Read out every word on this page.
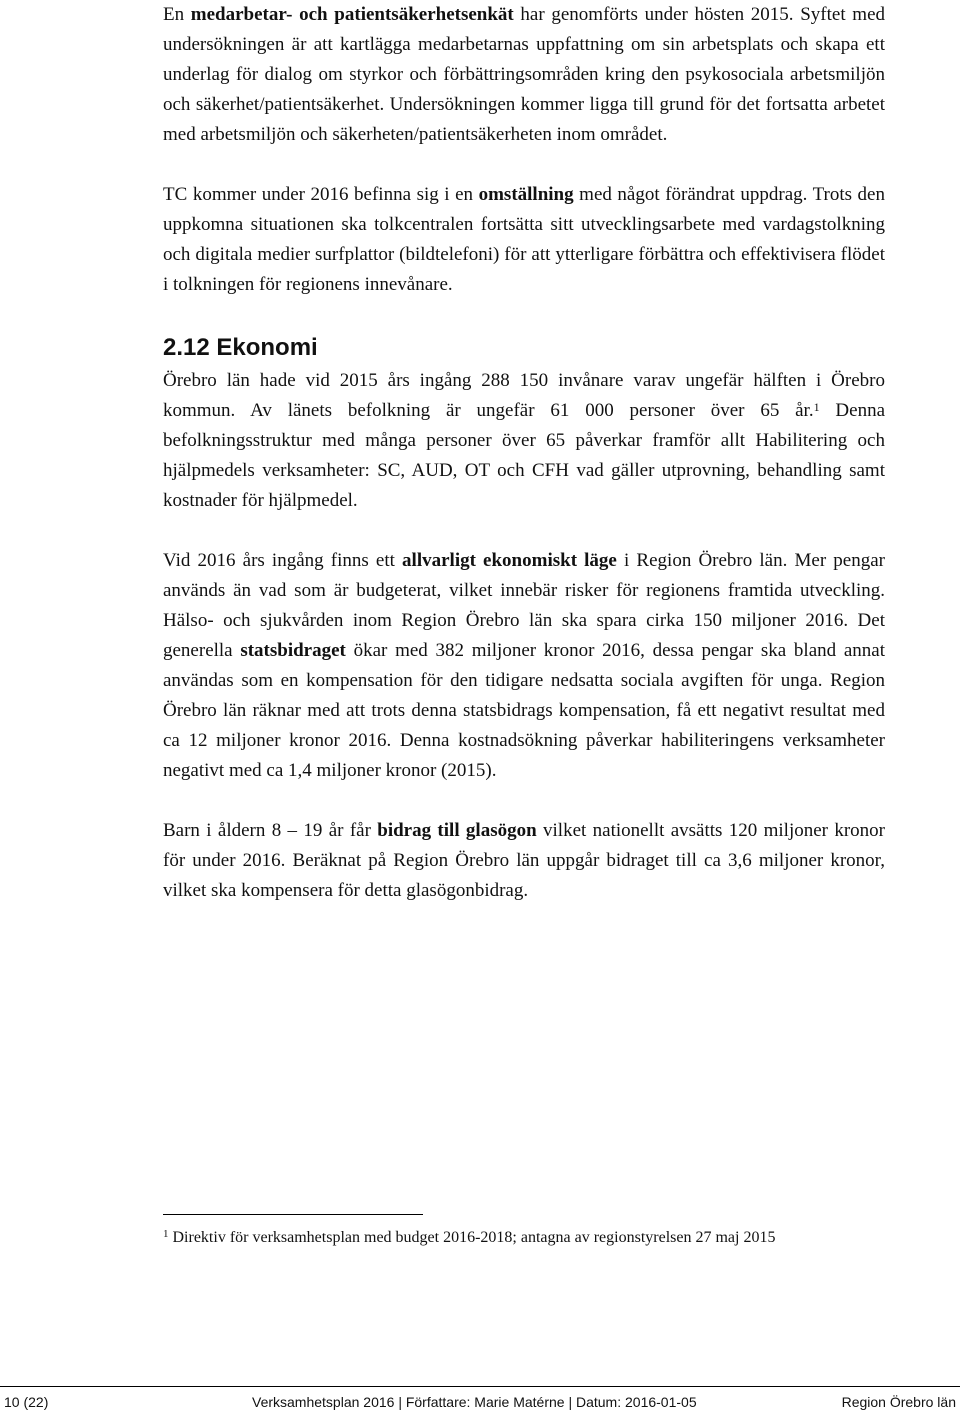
En medarbetar- och patientsäkerhetsenkät har genomförts under hösten 2015. Syftet med undersökningen är att kartlägga medarbetarnas uppfattning om sin arbetsplats och skapa ett underlag för dialog om styrkor och förbättringsområden kring den psykosociala arbetsmiljön och säkerhet/patientsäkerhet. Undersökningen kommer ligga till grund för det fortsatta arbetet med arbetsmiljön och säkerheten/patientsäkerheten inom området.

TC kommer under 2016 befinna sig i en omställning med något förändrat uppdrag. Trots den uppkomna situationen ska tolkcentralen fortsätta sitt utvecklingsarbete med vardagstolkning och digitala medier surfplattor (bildtelefoni) för att ytterligare förbättra och effektivisera flödet i tolkningen för regionens innevånare.

2.12 Ekonomi

Örebro län hade vid 2015 års ingång 288 150 invånare varav ungefär hälften i Örebro kommun. Av länets befolkning är ungefär 61 000 personer över 65 år.$^1$ Denna befolkningsstruktur med många personer över 65 påverkar framför allt Habilitering och hjälpmedels verksamheter: SC, AUD, OT och CFH vad gäller utprovning, behandling samt kostnader för hjälpmedel.

Vid 2016 års ingång finns ett allvarligt ekonomiskt läge i Region Örebro län. Mer pengar används än vad som är budgeterat, vilket innebär risker för regionens framtida utveckling. Hälso- och sjukvården inom Region Örebro län ska spara cirka 150 miljoner 2016. Det generella statsbidraget ökar med 382 miljoner kronor 2016, dessa pengar ska bland annat användas som en kompensation för den tidigare nedsatta sociala avgiften för unga. Region Örebro län räknar med att trots denna statsbidrags kompensation, få ett negativt resultat med ca 12 miljoner kronor 2016. Denna kostnadsökning påverkar habiliteringens verksamheter negativt med ca 1,4 miljoner kronor (2015).

Barn i åldern 8 – 19 år får bidrag till glasögon vilket nationellt avsätts 120 miljoner kronor för under 2016. Beräknat på Region Örebro län uppgår bidraget till ca 3,6 miljoner kronor, vilket ska kompensera för detta glasögonbidrag.

$^1$ Direktiv för verksamhetsplan med budget 2016-2018; antagna av regionstyrelsen 27 maj 2015
10 (22)	Verksamhetsplan 2016 | Författare: Marie Matérne | Datum: 2016-01-05	Region Örebro län
